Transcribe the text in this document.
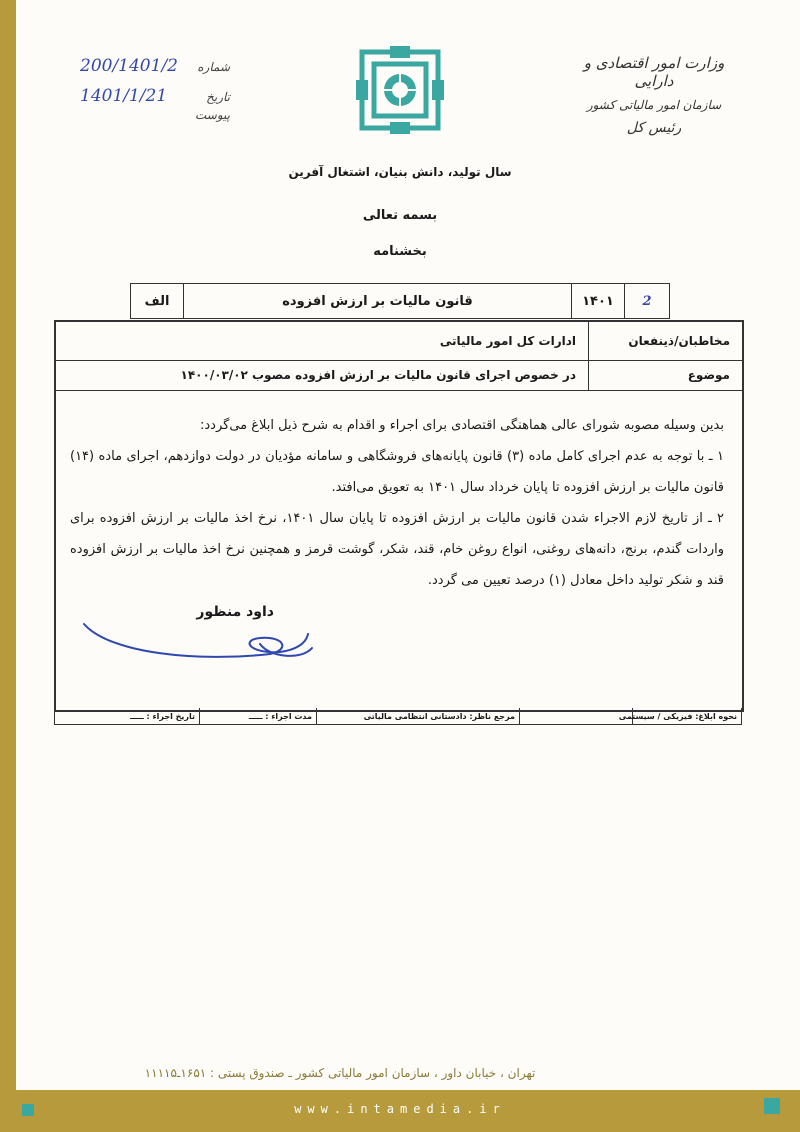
وزارت امور اقتصادی و دارایی
سازمان امور مالیاتی کشور
رئیس کل
شماره
200/1401/2
تاریخ
1401/1/21
پیوست
سال تولید، دانش بنیان، اشتغال آفرین
بسمه تعالی
بخشنامه
2
۱۴۰۱
قانون مالیات بر ارزش افزوده
الف
مخاطبان/ذینفعان
ادارات کل امور مالیاتی
موضوع
در خصوص اجرای قانون مالیات بر ارزش افزوده مصوب ۱۴۰۰/۰۳/۰۲

بدین وسیله مصوبه شورای عالی هماهنگی اقتصادی برای اجراء و اقدام به شرح ذیل ابلاغ می‌گردد:

۱ ـ با توجه به عدم اجرای کامل ماده (۳) قانون پایانه‌های فروشگاهی و سامانه مؤدیان در دولت دوازدهم، اجرای ماده (۱۴) قانون مالیات بر ارزش افزوده تا پایان خرداد سال ۱۴۰۱ به تعویق می‌افتد.

۲ ـ از تاریخ لازم الاجراء شدن قانون مالیات بر ارزش افزوده تا پایان سال ۱۴۰۱، نرخ اخذ مالیات بر ارزش افزوده برای واردات گندم، برنج، دانه‌های روغنی، انواع روغن خام، قند، شکر، گوشت قرمز و همچنین نرخ اخذ مالیات بر ارزش افزوده قند و شکر تولید داخل معادل (۱) درصد تعیین می گردد.

داود منظور
نحوه ابلاغ: فیزیکی / سیستمی
مرجع ناظر: دادستانی انتظامی مالیاتی
مدت اجراء : ـــــ
تاریخ اجراء : ـــــ
تهران ، خیابان داور ، سازمان امور مالیاتی کشور ـ صندوق پستی : ۱۶۵۱ـ۱۱۱۱۵
www.intamedia.ir
